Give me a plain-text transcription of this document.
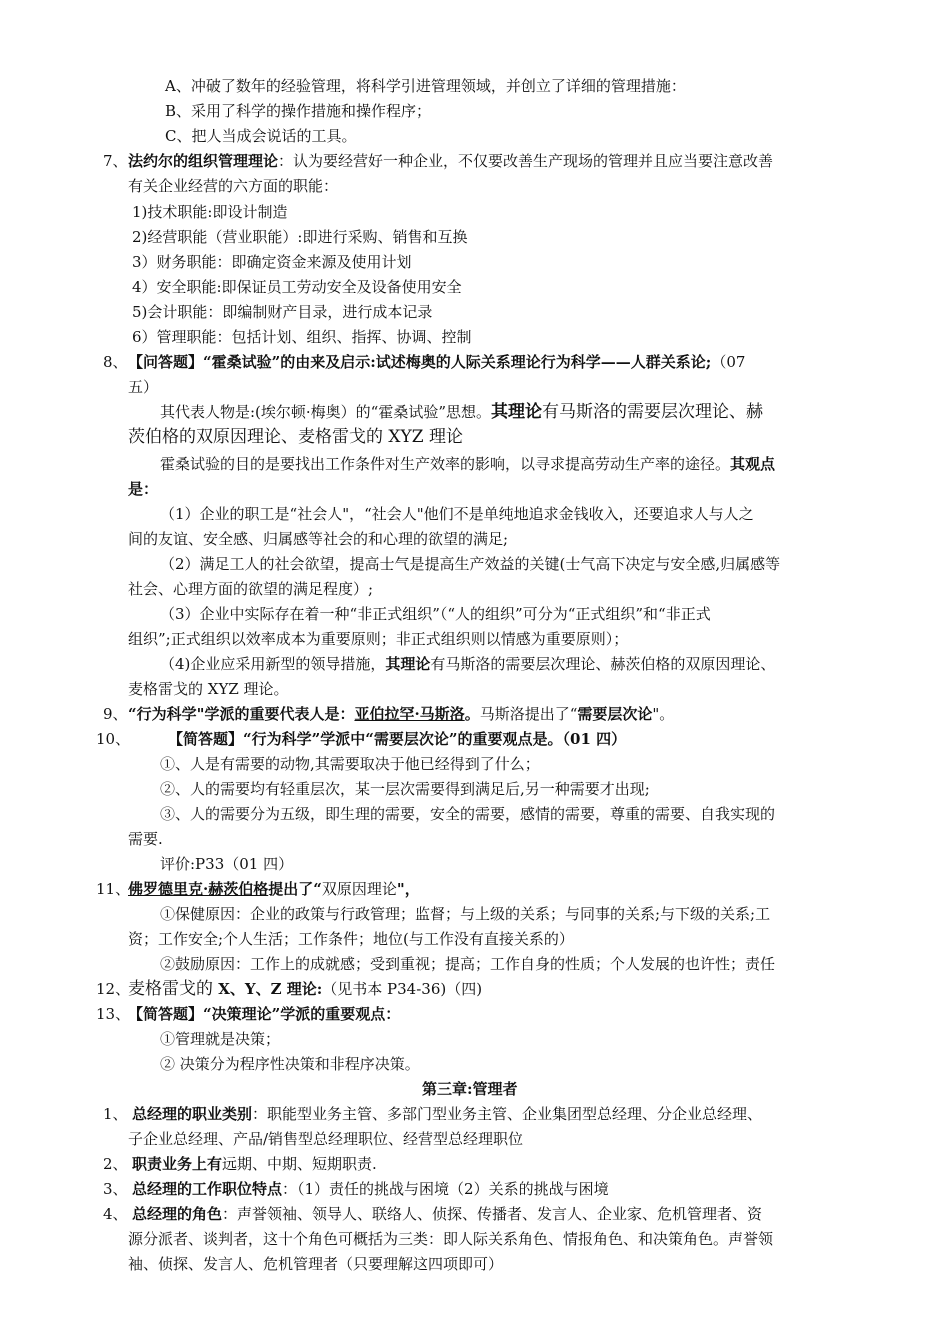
A、冲破了数年的经验管理，将科学引进管理领域，并创立了详细的管理措施：
B、采用了科学的操作措施和操作程序；
C、把人当成会说话的工具。
7、 法约尔的组织管理理论：认为要经营好一种企业，不仅要改善生产现场的管理并且应当要注意改善
有关企业经营的六方面的职能：
1)技术职能:即设计制造
2)经营职能（营业职能）:即进行采购、销售和互换
3）财务职能：即确定资金来源及使用计划
4）安全职能:即保证员工劳动安全及设备使用安全
5)会计职能：即编制财产目录，进行成本记录
6）管理职能：包括计划、组织、指挥、协调、控制
8、 【问答题】“霍桑试验”的由来及启示:试述梅奥的人际关系理论行为科学——人群关系论;（07
五）
其代表人物是:(埃尔顿·梅奥）的“霍桑试验”思想。其理论有马斯洛的需要层次理论、赫
茨伯格的双原因理论、麦格雷戈的 XYZ 理论
霍桑试验的目的是要找出工作条件对生产效率的影响，以寻求提高劳动生产率的途径。其观点
是：
（1）企业的职工是“社会人"，“社会人"他们不是单纯地追求金钱收入，还要追求人与人之
间的友谊、安全感、归属感等社会的和心理的欲望的满足;
（2）满足工人的社会欲望，提高士气是提高生产效益的关键(士气高下决定与安全感,归属感等
社会、心理方面的欲望的满足程度）;
（3）企业中实际存在着一种“非正式组织”（“人的组织”可分为“正式组织”和“非正式
组织”;正式组织以效率成本为重要原则；非正式组织则以情感为重要原则）；
（4)企业应采用新型的领导措施，其理论有马斯洛的需要层次理论、赫茨伯格的双原因理论、
麦格雷戈的 XYZ 理论。
9、 “行为科学"学派的重要代表人是：亚伯拉罕·马斯洛。马斯洛提出了“需要层次论"。
10、	【简答题】“行为科学”学派中“需要层次论”的重要观点是。（01 四）
①、人是有需要的动物,其需要取决于他已经得到了什么；
②、人的需要均有轻重层次，某一层次需要得到满足后,另一种需要才出现;
③、人的需要分为五级，即生理的需要，安全的需要，感情的需要，尊重的需要、自我实现的
需要.
评价:P33（01 四）
11、
佛罗德里克·赫茨伯格提出了“双原因理论"，
①保健原因：企业的政策与行政管理；监督；与上级的关系；与同事的关系;与下级的关系;工
资；工作安全;个人生活；工作条件；地位(与工作没有直接关系的）
②鼓励原因：工作上的成就感；受到重视；提高；工作自身的性质；个人发展的也许性；责任
12、
麦格雷戈的 X、Y、Z 理论:（见书本 P34-36)（四)
13、
【简答题】“决策理论”学派的重要观点：
①管理就是决策；
② 决策分为程序性决策和非程序决策。
第三章:管理者
1、 总经理的职业类别：职能型业务主管、多部门型业务主管、企业集团型总经理、分企业总经理、
子企业总经理、产品/销售型总经理职位、经营型总经理职位
2、 职责业务上有远期、中期、短期职责.
3、 总经理的工作职位特点：（1）责任的挑战与困境（2）关系的挑战与困境
4、 总经理的角色：声誉领袖、领导人、联络人、侦探、传播者、发言人、企业家、危机管理者、资
源分派者、谈判者，这十个角色可概括为三类：即人际关系角色、情报角色、和决策角色。声誉领
袖、侦探、发言人、危机管理者（只要理解这四项即可）
